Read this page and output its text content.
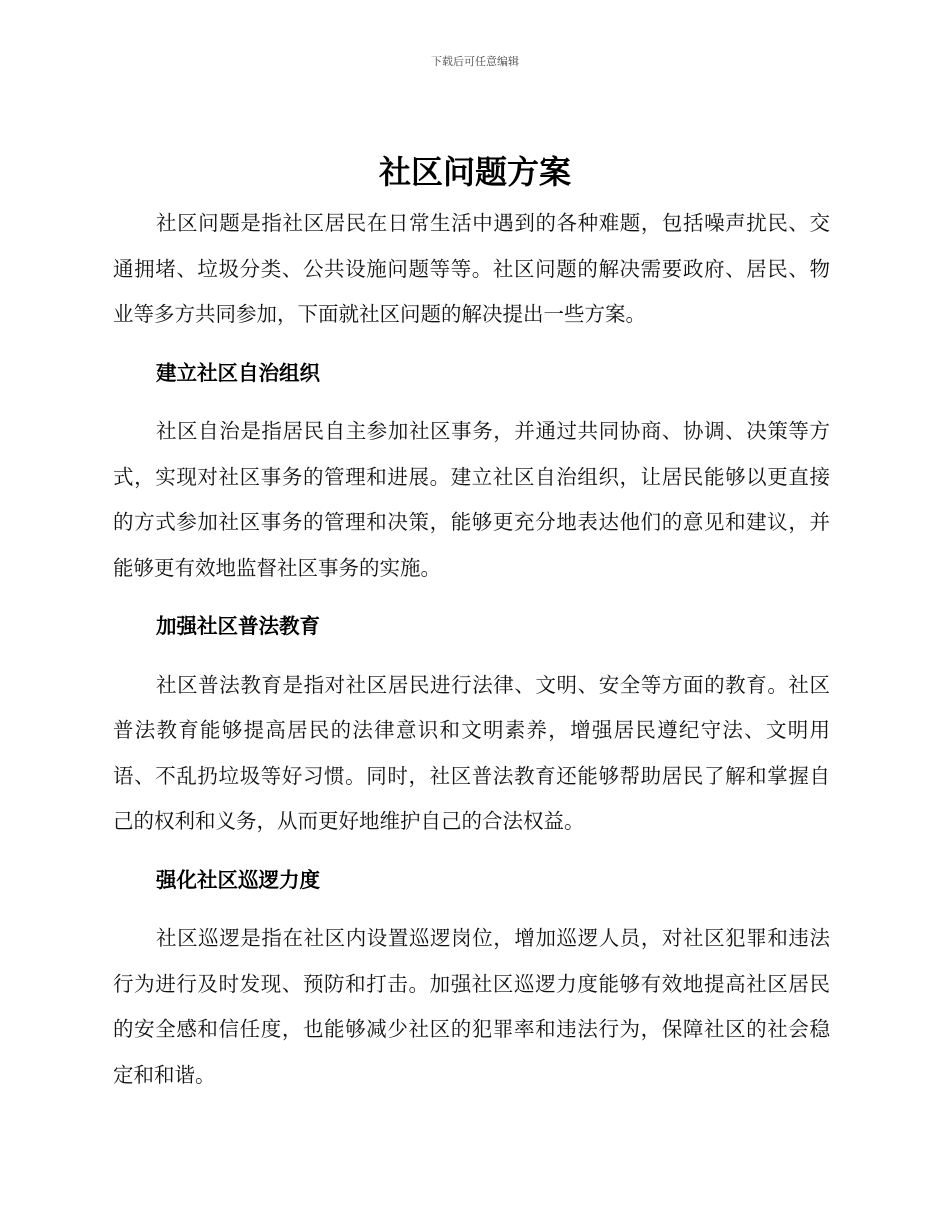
下载后可任意编辑
社区问题方案

社区问题是指社区居民在日常生活中遇到的各种难题，包括噪声扰民、交通拥堵、垃圾分类、公共设施问题等等。社区问题的解决需要政府、居民、物业等多方共同参加，下面就社区问题的解决提出一些方案。

建立社区自治组织

社区自治是指居民自主参加社区事务，并通过共同协商、协调、决策等方式，实现对社区事务的管理和进展。建立社区自治组织，让居民能够以更直接的方式参加社区事务的管理和决策，能够更充分地表达他们的意见和建议，并能够更有效地监督社区事务的实施。

加强社区普法教育

社区普法教育是指对社区居民进行法律、文明、安全等方面的教育。社区普法教育能够提高居民的法律意识和文明素养，增强居民遵纪守法、文明用语、不乱扔垃圾等好习惯。同时，社区普法教育还能够帮助居民了解和掌握自己的权利和义务，从而更好地维护自己的合法权益。

强化社区巡逻力度

社区巡逻是指在社区内设置巡逻岗位，增加巡逻人员，对社区犯罪和违法行为进行及时发现、预防和打击。加强社区巡逻力度能够有效地提高社区居民的安全感和信任度，也能够减少社区的犯罪率和违法行为，保障社区的社会稳定和和谐。
